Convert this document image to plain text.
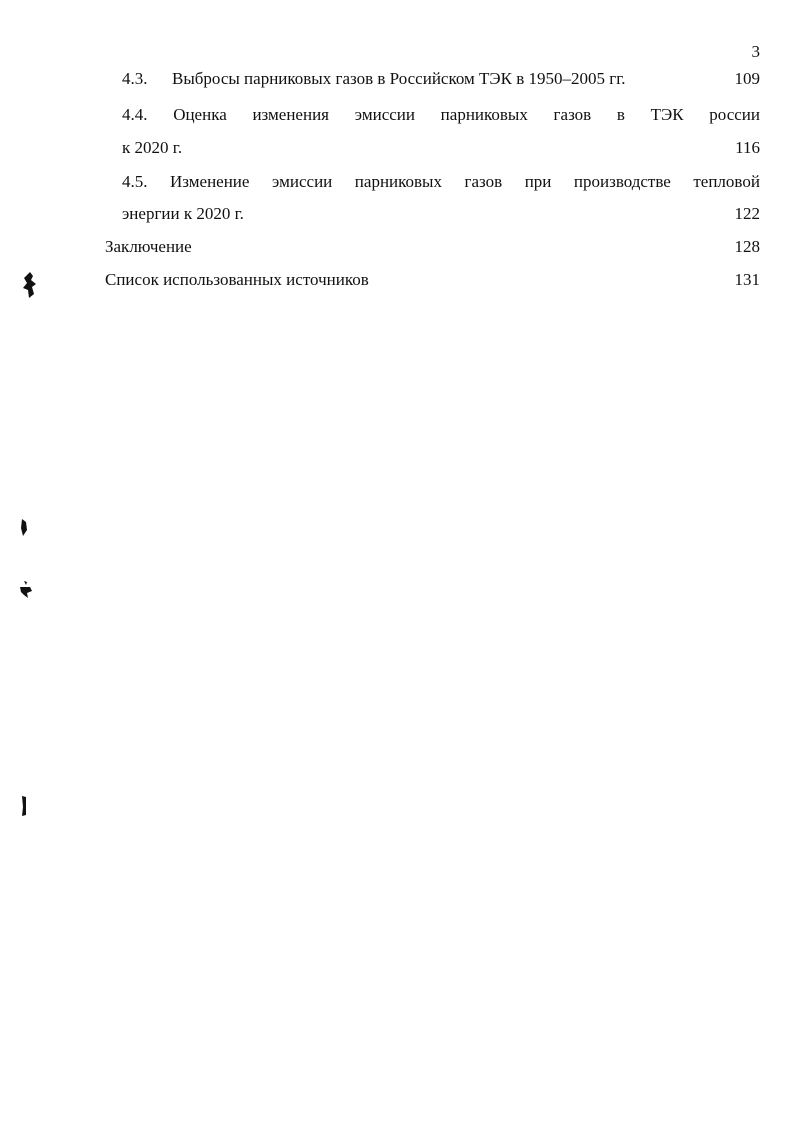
3
4.3.	Выбросы парниковых газов в Российском ТЭК в 1950–2005 гг.	109
4.4. Оценка изменения эмиссии парниковых газов в ТЭК россии
к 2020 г.	116
4.5. Изменение эмиссии парниковых газов при производстве тепловой
энергии к 2020 г.	122
Заключение	128
Список использованных источников	131
